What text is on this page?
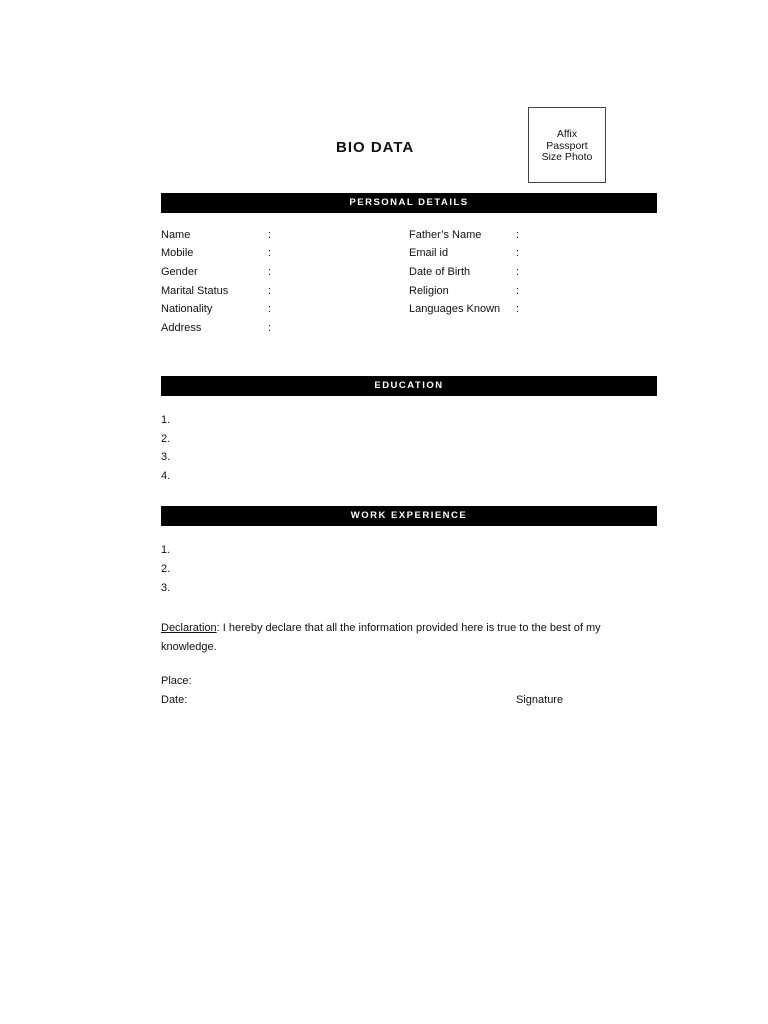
BIO DATA
Affix
Passport
Size Photo
PERSONAL DETAILS
Name	:
Mobile	:
Gender	:
Marital Status	:
Nationality	:
Address	:
Father’s Name	:
Email id	:
Date of Birth	:
Religion	:
Languages Known :
EDUCATION
1.
2.
3.
4.
WORK EXPERIENCE
1.
2.
3.
Declaration: I hereby declare that all the information provided here is true to the best of my knowledge.
Place:
Date:	Signature
